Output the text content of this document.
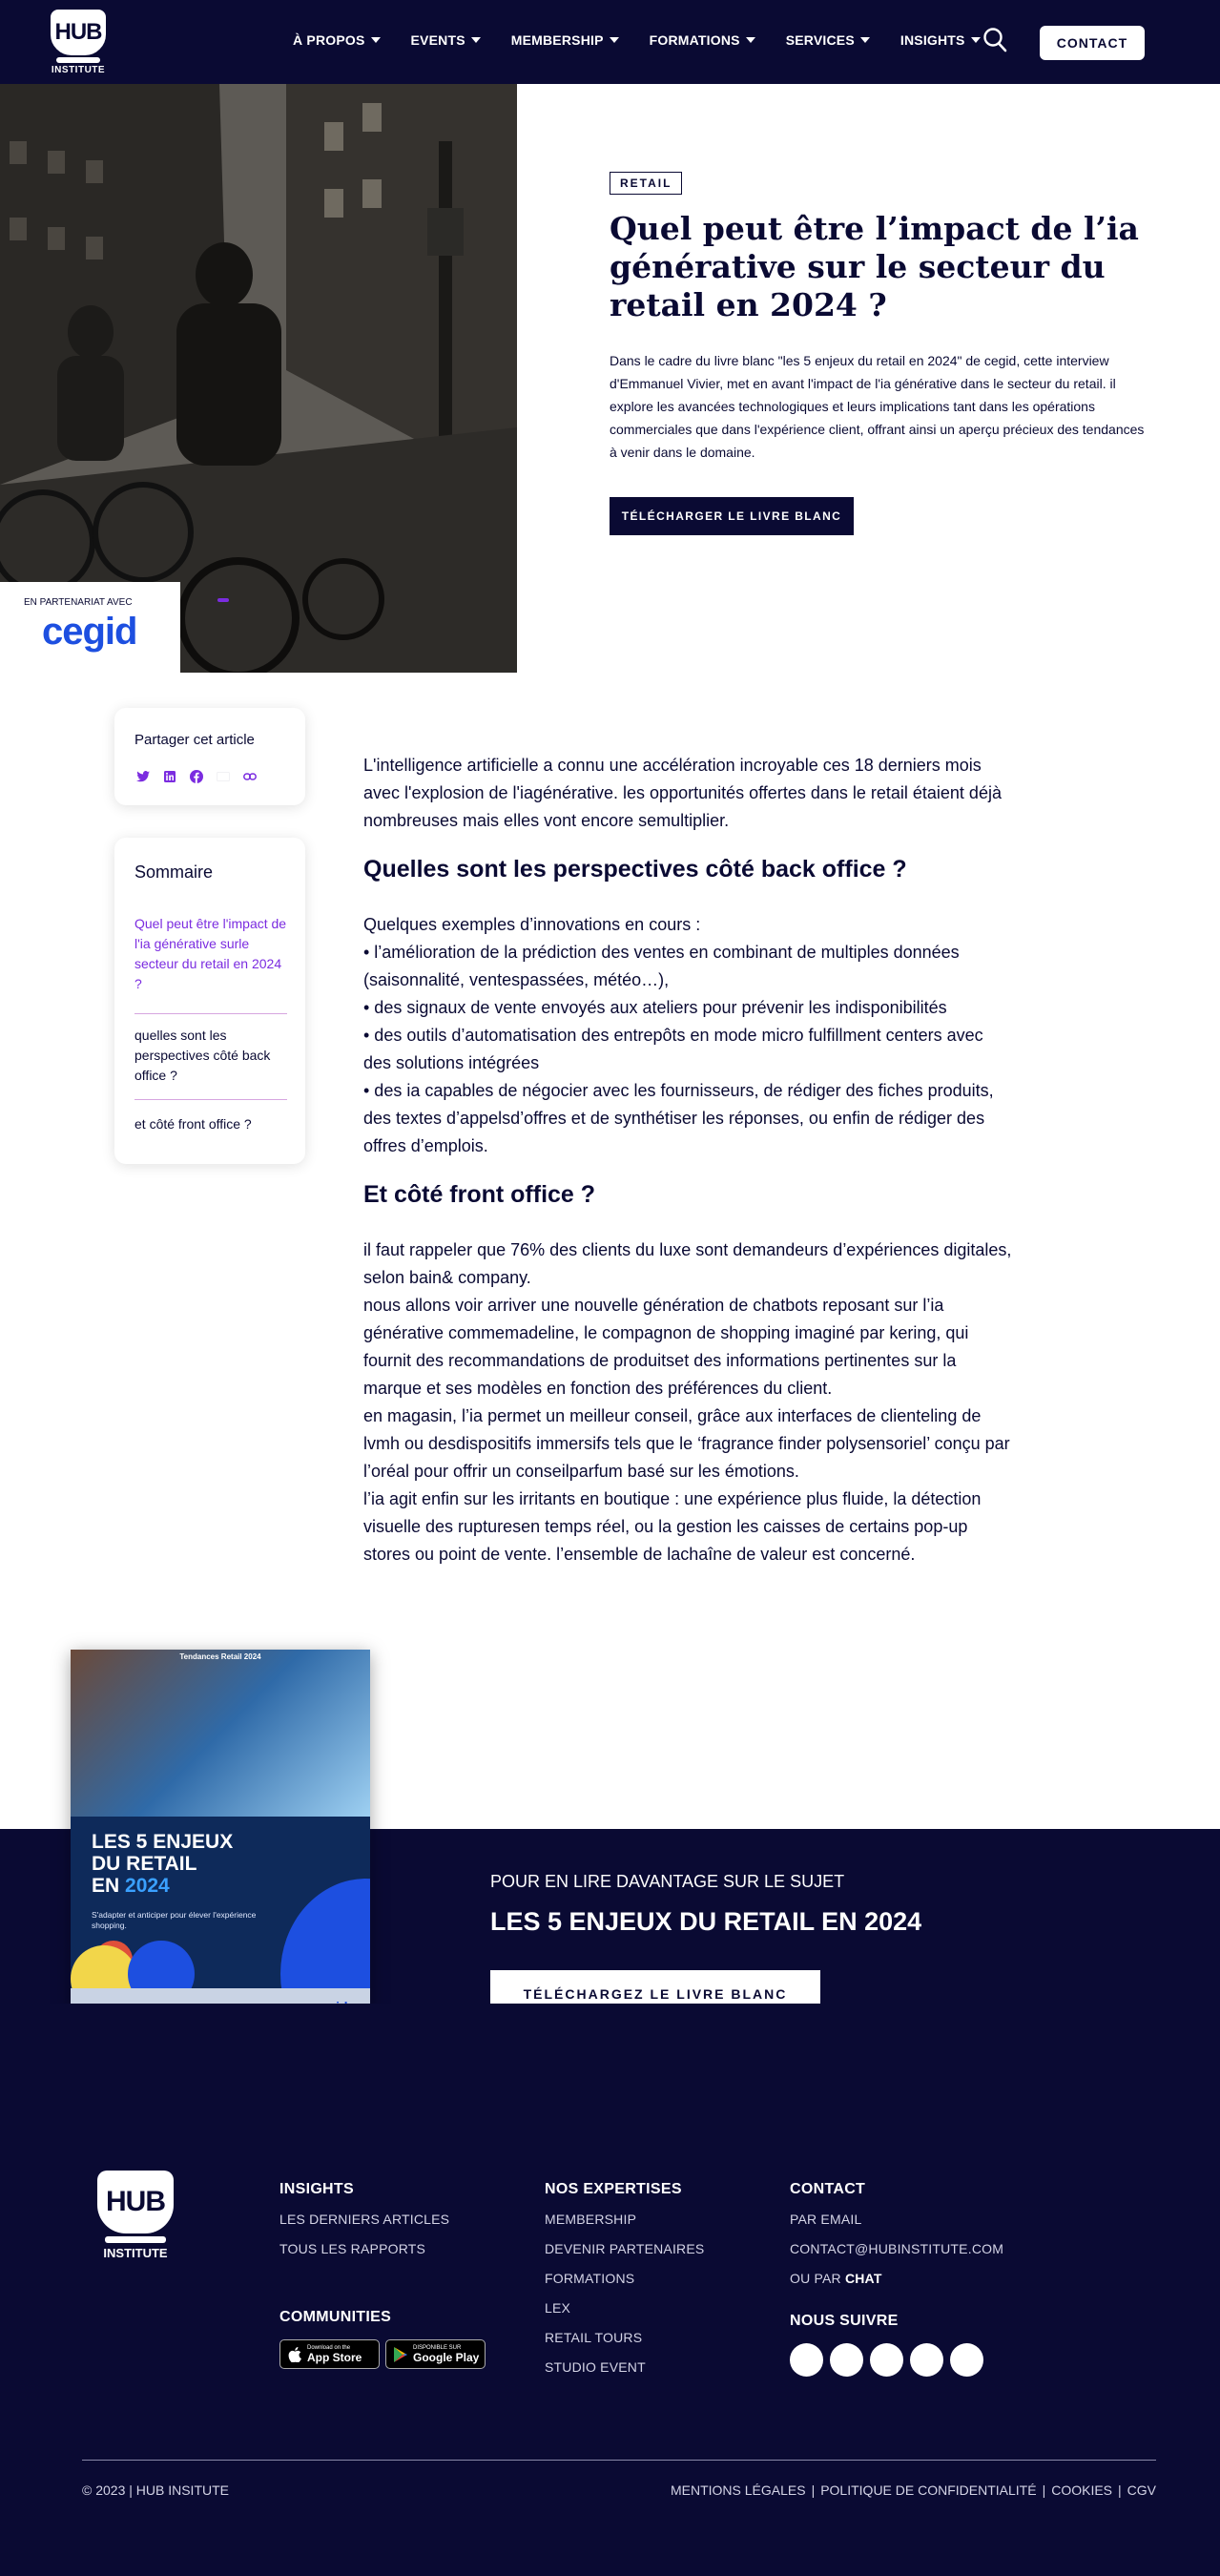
HUB
INSTITUTE
À PROPOS	EVENTS	MEMBERSHIP	FORMATIONS	SERVICES	INSIGHTS	CONTACT
EN PARTENARIAT AVEC
cegid
RETAIL
Quel peut être l’impact de l’ia générative sur le secteur du retail en 2024 ?

Dans le cadre du livre blanc "les 5 enjeux du retail en 2024" de cegid, cette interview d'Emmanuel Vivier, met en avant l'impact de l'ia générative dans le secteur du retail. il explore les avancées technologiques et leurs implications tant dans les opérations commerciales que dans l'expérience client, offrant ainsi un aperçu précieux des tendances à venir dans le domaine.

TÉLÉCHARGER LE LIVRE BLANC
Partager cet article
Sommaire
Quel peut être l'impact de l'ia générative surle secteur du retail en 2024 ?
quelles sont les perspectives côté back office ?
et côté front office ?

L'intelligence artificielle a connu une accélération incroyable ces 18 derniers mois avec l'explosion de l'iagénérative. les opportunités offertes dans le retail étaient déjà nombreuses mais elles vont encore semultiplier.

Quelles sont les perspectives côté back office ?

Quelques exemples d’innovations en cours :

• l’amélioration de la prédiction des ventes en combinant de multiples données (saisonnalité, ventespassées, météo…),

• des signaux de vente envoyés aux ateliers pour prévenir les indisponibilités

• des outils d’automatisation des entrepôts en mode micro fulfillment centers avec des solutions intégrées

• des ia capables de négocier avec les fournisseurs, de rédiger des fiches produits, des textes d’appelsd’offres et de synthétiser les réponses, ou enfin de rédiger des offres d’emplois.

Et côté front office ?

il faut rappeler que 76% des clients du luxe sont demandeurs d’expériences digitales, selon bain& company.

nous allons voir arriver une nouvelle génération de chatbots reposant sur l’ia générative commemadeline, le compagnon de shopping imaginé par kering, qui fournit des recommandations de produitset des informations pertinentes sur la marque et ses modèles en fonction des préférences du client.

en magasin, l’ia permet un meilleur conseil, grâce aux interfaces de clienteling de lvmh ou desdispositifs immersifs tels que le ‘fragrance finder polysensoriel’ conçu par l’oréal pour offrir un conseilparfum basé sur les émotions.

l’ia agit enfin sur les irritants en boutique : une expérience plus fluide, la détection visuelle des rupturesen temps réel, ou la gestion les caisses de certains pop-up stores ou point de vente. l’ensemble de lachaîne de valeur est concerné.

POUR EN LIRE DAVANTAGE SUR LE SUJET
LES 5 ENJEUX DU RETAIL EN 2024
TÉLÉCHARGEZ LE LIVRE BLANC
Tendances Retail 2024
LES 5 ENJEUX
DU RETAIL
EN 2024
S'adapter et anticiper pour élever l'expérience shopping.
HUB
INSTITUTE
INSIGHTS
LES DERNIERS ARTICLES
TOUS LES RAPPORTS
COMMUNITIES
Download on the
App Store
DISPONIBLE SUR
Google Play
NOS EXPERTISES
MEMBERSHIP
DEVENIR PARTENAIRES
FORMATIONS
LEX
RETAIL TOURS
STUDIO EVENT
CONTACT
PAR EMAIL
CONTACT@HUBINSTITUTE.COM
OU PAR CHAT
NOUS SUIVRE
© 2023 | HUB INSITUTE	MENTIONS LÉGALES | POLITIQUE DE CONFIDENTIALITÉ | COOKIES | CGV
